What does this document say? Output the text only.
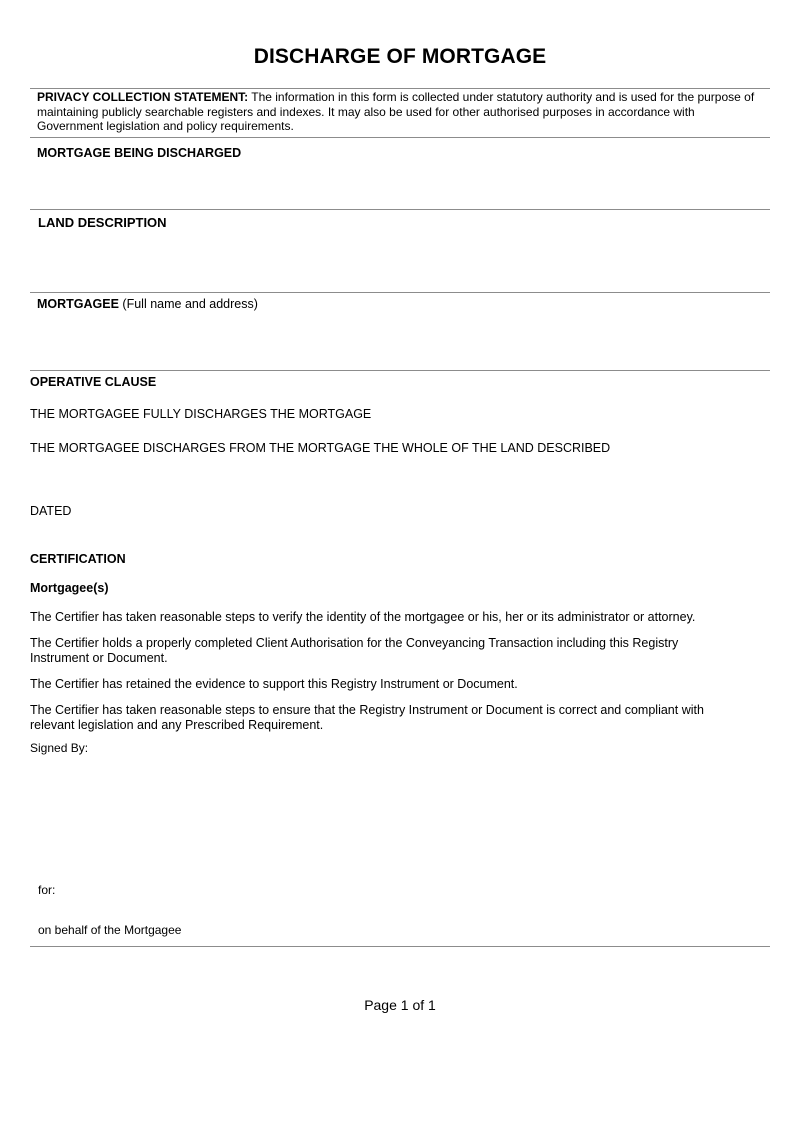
DISCHARGE OF MORTGAGE
PRIVACY COLLECTION STATEMENT: The information in this form is collected under statutory authority and is used for the purpose of maintaining publicly searchable registers and indexes. It may also be used for other authorised purposes in accordance with Government legislation and policy requirements.
MORTGAGE BEING DISCHARGED
LAND DESCRIPTION
MORTGAGEE (Full name and address)
OPERATIVE CLAUSE
THE MORTGAGEE FULLY DISCHARGES THE MORTGAGE
THE MORTGAGEE DISCHARGES FROM THE MORTGAGE THE WHOLE OF THE LAND DESCRIBED
DATED
CERTIFICATION
Mortgagee(s)
The Certifier has taken reasonable steps to verify the identity of the mortgagee or his, her or its administrator or attorney.
The Certifier holds a properly completed Client Authorisation for the Conveyancing Transaction including this Registry Instrument or Document.
The Certifier has retained the evidence to support this Registry Instrument or Document.
The Certifier has taken reasonable steps to ensure that the Registry Instrument or Document is correct and compliant with relevant legislation and any Prescribed Requirement.
Signed By:
for:
on behalf of the Mortgagee
Page 1 of 1
